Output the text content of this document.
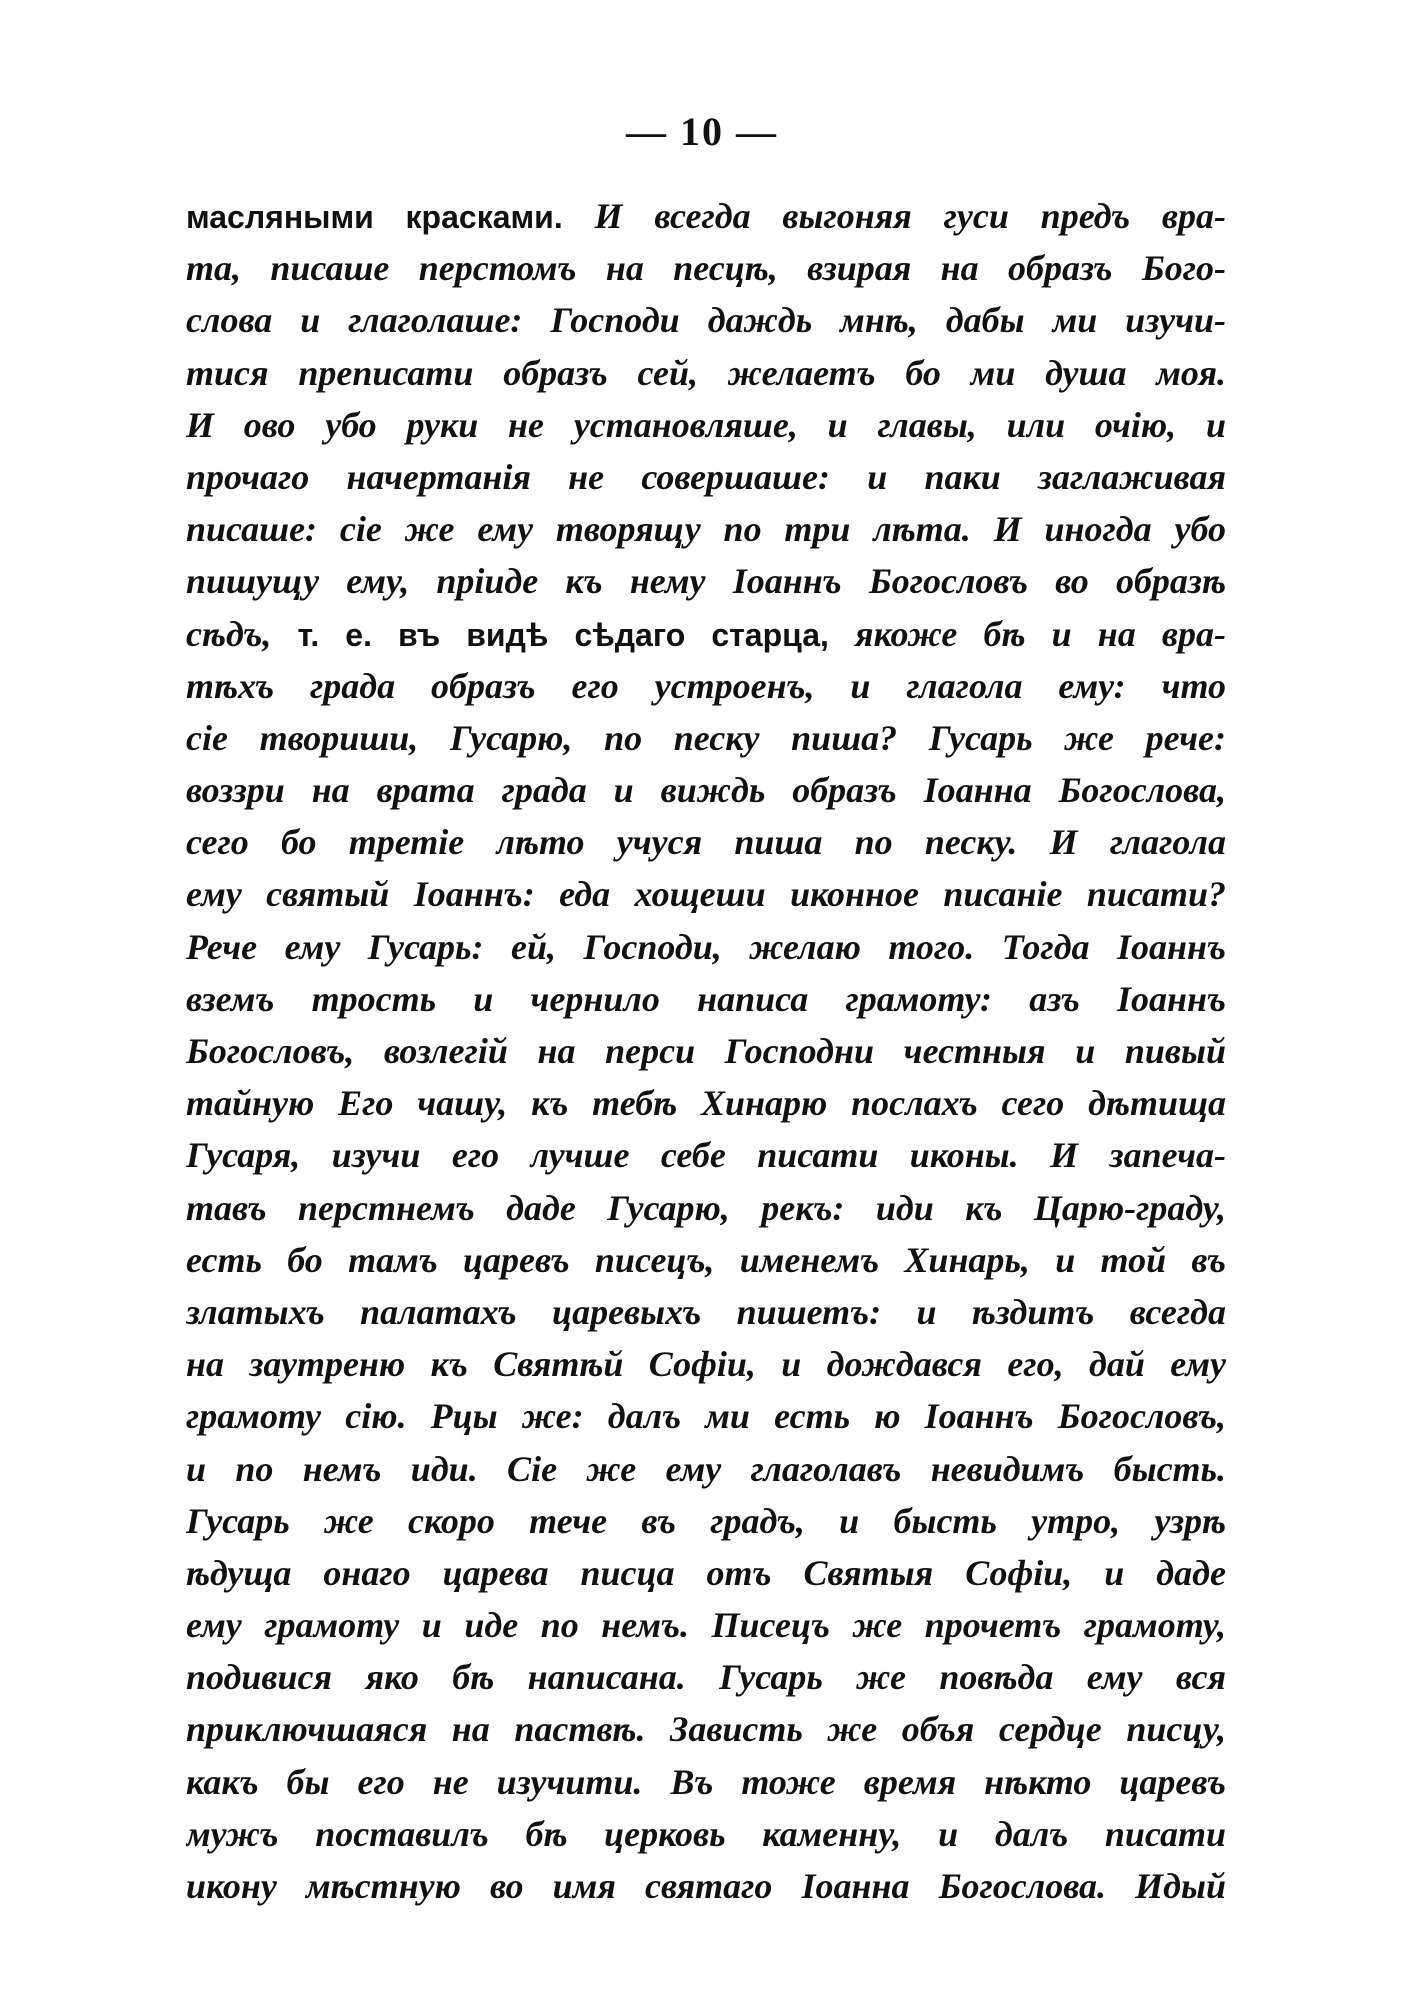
— 10 —
масляными красками. И всегда выгоняя гуси предъ вра-
та, писаше перстомъ на песцѣ, взирая на образъ Бого-
слова и глаголаше: Господи даждь мнѣ, дабы ми изучи-
тися преписати образъ сей, желаетъ бо ми душа моя.
И ово убо руки не установляше, и главы, или очію, и
прочаго начертанія не совершаше: и паки заглаживая
писаше: сіе же ему творящу по три лѣта. И иногда убо
пишущу ему, пріиде къ нему Іоаннъ Богословъ во образѣ
сѣдъ, т. е. въ видѣ сѣдаго старца, якоже бѣ и на вра-
тѣхъ града образъ его устроенъ, и глагола ему: что
сіе твориши, Гусарю, по песку пиша? Гусарь же рече:
воззри на врата града и виждь образъ Іоанна Богослова,
сего бо третіе лѣто учуся пиша по песку. И глагола
ему святый Іоаннъ: еда хощеши иконное писаніе писати?
Рече ему Гусарь: ей, Господи, желаю того. Тогда Іоаннъ
вземъ трость и чернило написа грамоту: азъ Іоаннъ
Богословъ, возлегій на перси Господни честныя и пивый
тайную Его чашу, къ тебѣ Хинарю послахъ сего дѣтища
Гусаря, изучи его лучше себе писати иконы. И запеча-
тавъ перстнемъ даде Гусарю, рекъ: иди къ Царю-граду,
есть бо тамъ царевъ писецъ, именемъ Хинарь, и той въ
златыхъ палатахъ царевыхъ пишетъ: и ѣздитъ всегда
на заутреню къ Святѣй Софіи, и дождався его, дай ему
грамоту сію. Рцы же: далъ ми есть ю Іоаннъ Богословъ,
и по немъ иди. Сіе же ему глаголавъ невидимъ бысть.
Гусарь же скоро тече въ градъ, и бысть утро, узрѣ
ѣдуща онаго царева писца отъ Святыя Софіи, и даде
ему грамоту и иде по немъ. Писецъ же прочетъ грамоту,
подивися яко бѣ написана. Гусарь же повѣда ему вся
приключшаяся на паствѣ. Зависть же объя сердце писцу,
какъ бы его не изучити. Въ тоже время нѣкто царевъ
мужъ поставилъ бѣ церковь каменну, и далъ писати
икону мѣстную во имя святаго Іоанна Богослова. Идый
